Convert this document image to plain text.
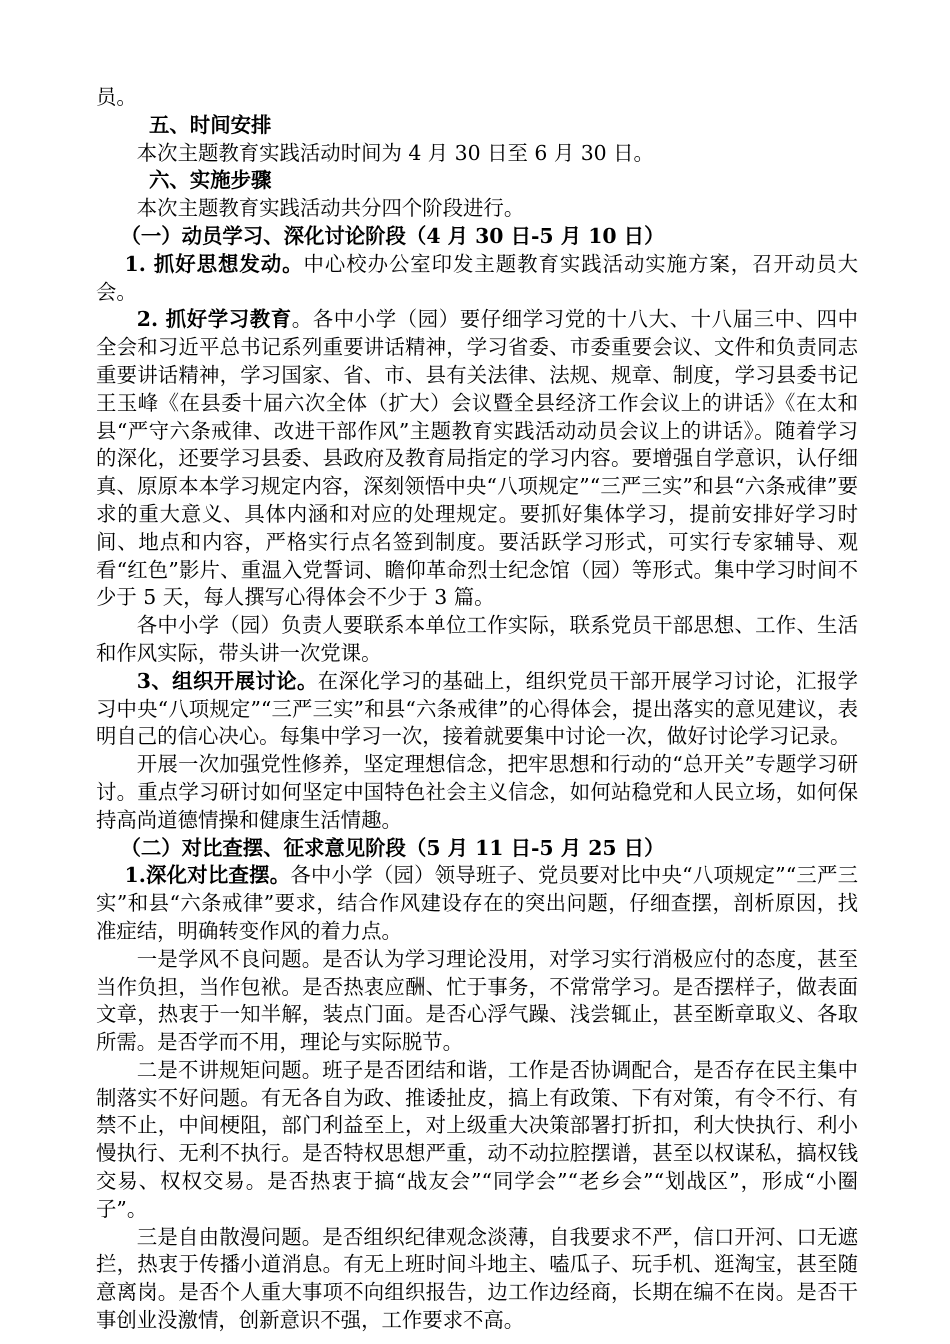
员。

五、时间安排

本次主题教育实践活动时间为 4 月 30 日至 6 月 30 日。

六、实施步骤

本次主题教育实践活动共分四个阶段进行。

（一）动员学习、深化讨论阶段（4 月 30 日-5 月 10 日）

1. 抓好思想发动。中心校办公室印发主题教育实践活动实施方案，召开动员大会。

2. 抓好学习教育。各中小学（园）要仔细学习党的十八大、十八届三中、四中全会和习近平总书记系列重要讲话精神，学习省委、市委重要会议、文件和负责同志重要讲话精神，学习国家、省、市、县有关法律、法规、规章、制度，学习县委书记王玉峰《在县委十届六次全体（扩大）会议暨全县经济工作会议上的讲话》《在太和县“严守六条戒律、改进干部作风”主题教育实践活动动员会议上的讲话》。随着学习的深化，还要学习县委、县政府及教育局指定的学习内容。要增强自学意识，认仔细真、原原本本学习规定内容，深刻领悟中央“八项规定”“三严三实”和县“六条戒律”要求的重大意义、具体内涵和对应的处理规定。要抓好集体学习，提前安排好学习时间、地点和内容，严格实行点名签到制度。要活跃学习形式，可实行专家辅导、观看“红色”影片、重温入党誓词、瞻仰革命烈士纪念馆（园）等形式。集中学习时间不少于 5 天，每人撰写心得体会不少于 3 篇。

各中小学（园）负责人要联系本单位工作实际，联系党员干部思想、工作、生活和作风实际，带头讲一次党课。

3、组织开展讨论。在深化学习的基础上，组织党员干部开展学习讨论，汇报学习中央“八项规定”“三严三实”和县“六条戒律”的心得体会，提出落实的意见建议，表明自己的信心决心。每集中学习一次，接着就要集中讨论一次，做好讨论学习记录。

开展一次加强党性修养，坚定理想信念，把牢思想和行动的“总开关”专题学习研讨。重点学习研讨如何坚定中国特色社会主义信念，如何站稳党和人民立场，如何保持高尚道德情操和健康生活情趣。

（二）对比查摆、征求意见阶段（5 月 11 日-5 月 25 日）

1.深化对比查摆。各中小学（园）领导班子、党员要对比中央“八项规定”“三严三实”和县“六条戒律”要求，结合作风建设存在的突出问题，仔细查摆，剖析原因，找准症结，明确转变作风的着力点。

一是学风不良问题。是否认为学习理论没用，对学习实行消极应付的态度，甚至当作负担，当作包袱。是否热衷应酬、忙于事务，不常常学习。是否摆样子，做表面文章，热衷于一知半解，装点门面。是否心浮气躁、浅尝辄止，甚至断章取义、各取所需。是否学而不用，理论与实际脱节。

二是不讲规矩问题。班子是否团结和谐，工作是否协调配合，是否存在民主集中制落实不好问题。有无各自为政、推诿扯皮，搞上有政策、下有对策，有令不行、有禁不止，中间梗阻，部门利益至上，对上级重大决策部署打折扣，利大快执行、利小慢执行、无利不执行。是否特权思想严重，动不动拉腔摆谱，甚至以权谋私，搞权钱交易、权权交易。是否热衷于搞“战友会”“同学会”“老乡会”“划战区”，形成“小圈子”。

三是自由散漫问题。是否组织纪律观念淡薄，自我要求不严，信口开河、口无遮拦，热衷于传播小道消息。有无上班时间斗地主、嗑瓜子、玩手机、逛淘宝，甚至随意离岗。是否个人重大事项不向组织报告，边工作边经商，长期在编不在岗。是否干事创业没激情，创新意识不强，工作要求不高。
